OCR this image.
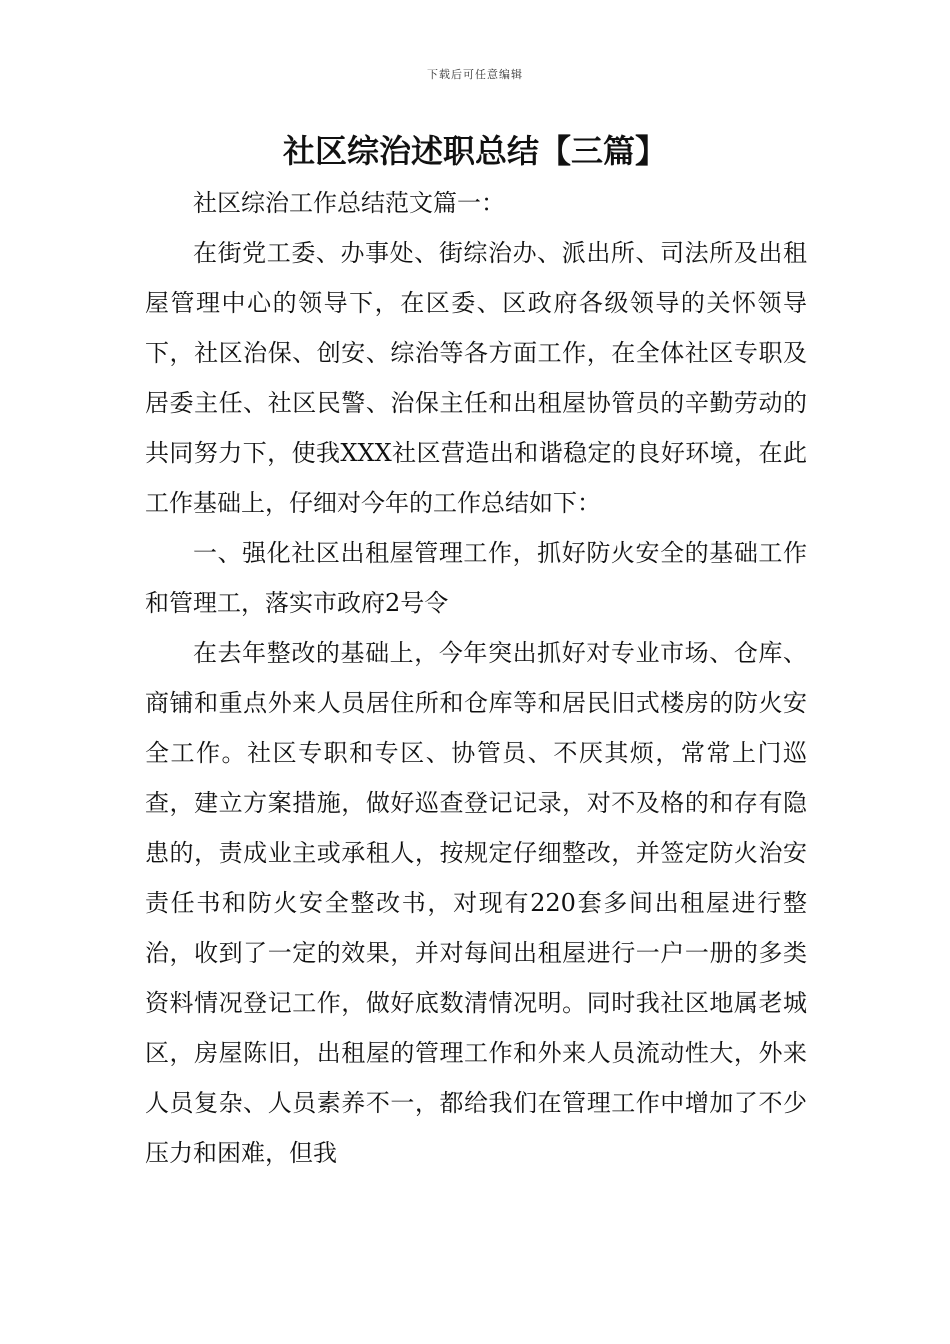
下载后可任意编辑
社区综治述职总结【三篇】

社区综治工作总结范文篇一：

在街党工委、办事处、街综治办、派出所、司法所及出租屋管理中心的领导下，在区委、区政府各级领导的关怀领导下，社区治保、创安、综治等各方面工作，在全体社区专职及居委主任、社区民警、治保主任和出租屋协管员的辛勤劳动的共同努力下，使我XXX社区营造出和谐稳定的良好环境，在此工作基础上，仔细对今年的工作总结如下：

一、强化社区出租屋管理工作，抓好防火安全的基础工作和管理工，落实市政府2号令

在去年整改的基础上，今年突出抓好对专业市场、仓库、商铺和重点外来人员居住所和仓库等和居民旧式楼房的防火安全工作。社区专职和专区、协管员、不厌其烦，常常上门巡查，建立方案措施，做好巡查登记记录，对不及格的和存有隐患的，责成业主或承租人，按规定仔细整改，并签定防火治安责任书和防火安全整改书，对现有220套多间出租屋进行整治，收到了一定的效果，并对每间出租屋进行一户一册的多类资料情况登记工作，做好底数清情况明。同时我社区地属老城区，房屋陈旧，出租屋的管理工作和外来人员流动性大，外来人员复杂、人员素养不一，都给我们在管理工作中增加了不少压力和困难，但我
